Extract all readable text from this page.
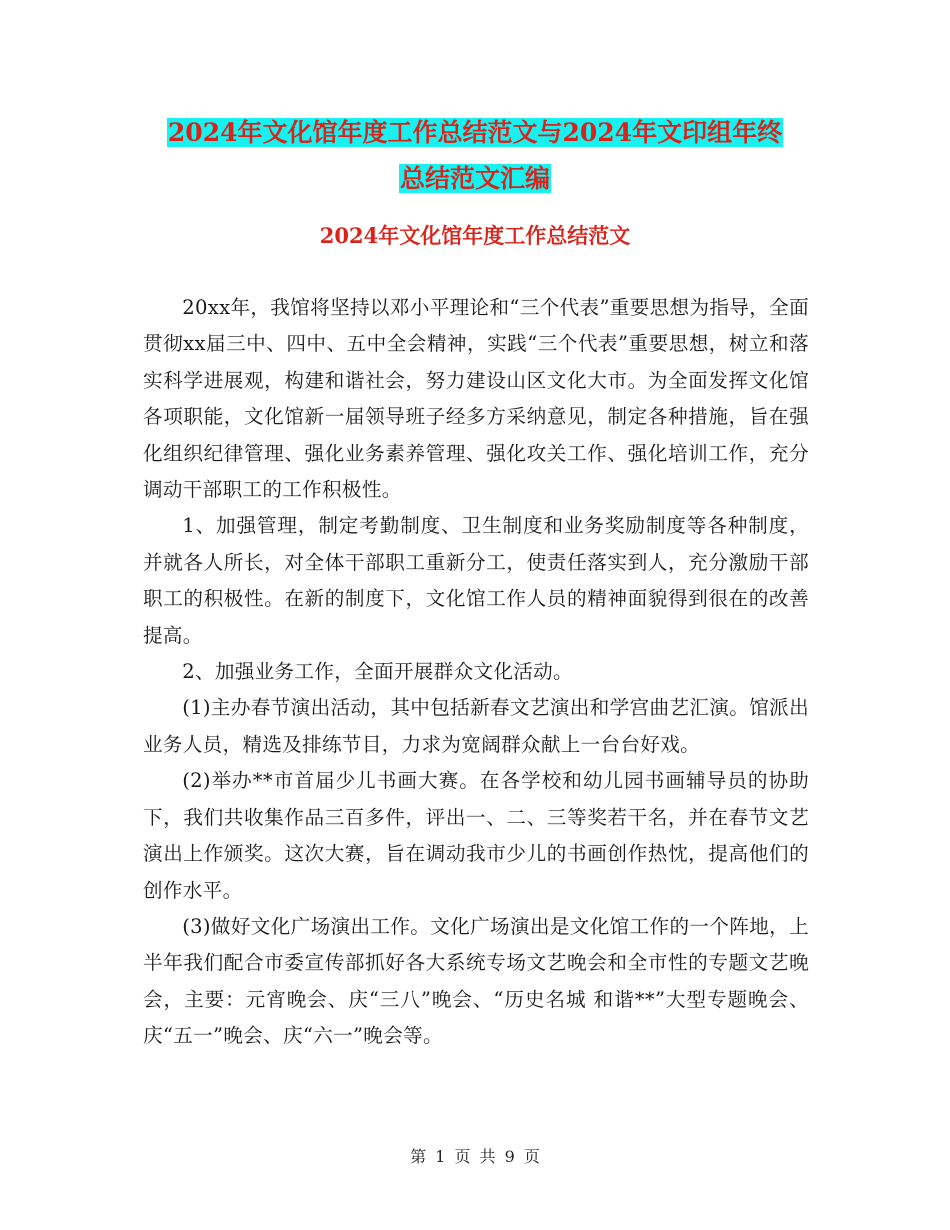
2024年文化馆年度工作总结范文与2024年文印组年终
总结范文汇编
2024年文化馆年度工作总结范文

20xx年，我馆将坚持以邓小平理论和“三个代表”重要思想为指导，全面贯彻xx届三中、四中、五中全会精神，实践“三个代表”重要思想，树立和落实科学进展观，构建和谐社会，努力建设山区文化大市。为全面发挥文化馆各项职能，文化馆新一届领导班子经多方采纳意见，制定各种措施，旨在强化组织纪律管理、强化业务素养管理、强化攻关工作、强化培训工作，充分调动干部职工的工作积极性。

1、加强管理，制定考勤制度、卫生制度和业务奖励制度等各种制度，并就各人所长，对全体干部职工重新分工，使责任落实到人，充分激励干部职工的积极性。在新的制度下，文化馆工作人员的精神面貌得到很在的改善提高。

2、加强业务工作，全面开展群众文化活动。

(1)主办春节演出活动，其中包括新春文艺演出和学宫曲艺汇演。馆派出业务人员，精选及排练节目，力求为宽阔群众献上一台台好戏。

(2)举办**市首届少儿书画大赛。在各学校和幼儿园书画辅导员的协助下，我们共收集作品三百多件，评出一、二、三等奖若干名，并在春节文艺演出上作颁奖。这次大赛，旨在调动我市少儿的书画创作热忱，提高他们的创作水平。

(3)做好文化广场演出工作。文化广场演出是文化馆工作的一个阵地，上半年我们配合市委宣传部抓好各大系统专场文艺晚会和全市性的专题文艺晚会，主要：元宵晚会、庆“三八”晚会、“历史名城 和谐**”大型专题晚会、庆“五一”晚会、庆“六一”晚会等。

第 1 页 共 9 页
